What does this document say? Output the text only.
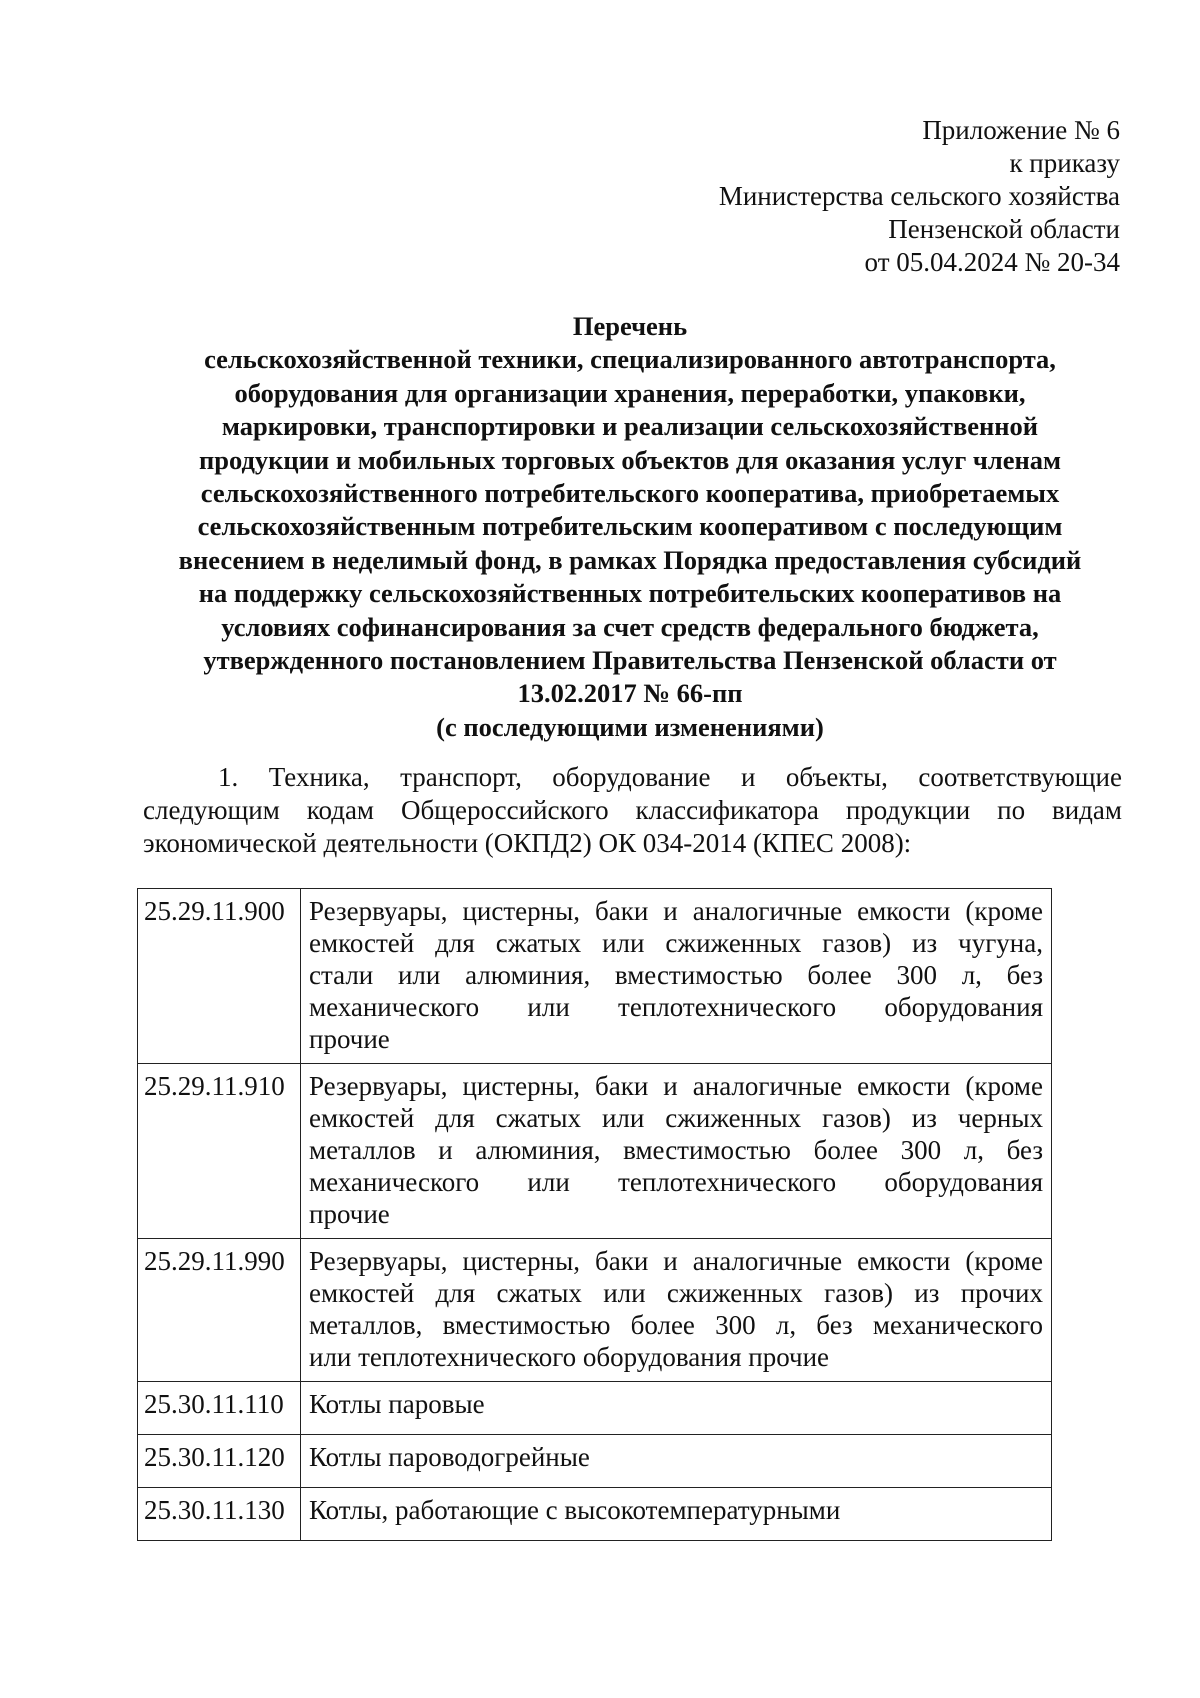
Приложение № 6
к приказу
Министерства сельского хозяйства
Пензенской области
от 05.04.2024 № 20-34
Перечень
сельскохозяйственной техники, специализированного автотранспорта,
оборудования для организации хранения, переработки, упаковки,
маркировки, транспортировки и реализации сельскохозяйственной
продукции и мобильных торговых объектов для оказания услуг членам
сельскохозяйственного потребительского кооператива, приобретаемых
сельскохозяйственным потребительским кооперативом с последующим
внесением в неделимый фонд, в рамках Порядка предоставления субсидий
на поддержку сельскохозяйственных потребительских кооперативов на
условиях софинансирования за счет средств федерального бюджета,
утвержденного постановлением Правительства Пензенской области от
13.02.2017 № 66-пп
(с последующими изменениями)
1. Техника, транспорт, оборудование и объекты, соответствующие
следующим кодам Общероссийского классификатора продукции по видам
экономической деятельности (ОКПД2) ОК 034-2014 (КПЕС 2008):
25.29.11.900	Резервуары, цистерны, баки и аналогичные емкости (кроме
емкостей для сжатых или сжиженных газов) из чугуна,
стали или алюминия, вместимостью более 300 л, без
механического или теплотехнического оборудования
прочие

25.29.11.910	Резервуары, цистерны, баки и аналогичные емкости (кроме
емкостей для сжатых или сжиженных газов) из черных
металлов и алюминия, вместимостью более 300 л, без
механического или теплотехнического оборудования
прочие

25.29.11.990	Резервуары, цистерны, баки и аналогичные емкости (кроме
емкостей для сжатых или сжиженных газов) из прочих
металлов, вместимостью более 300 л, без механического
или теплотехнического оборудования прочие

25.30.11.110	Котлы паровые

25.30.11.120	Котлы пароводогрейные

25.30.11.130	Котлы, работающие с высокотемпературными
